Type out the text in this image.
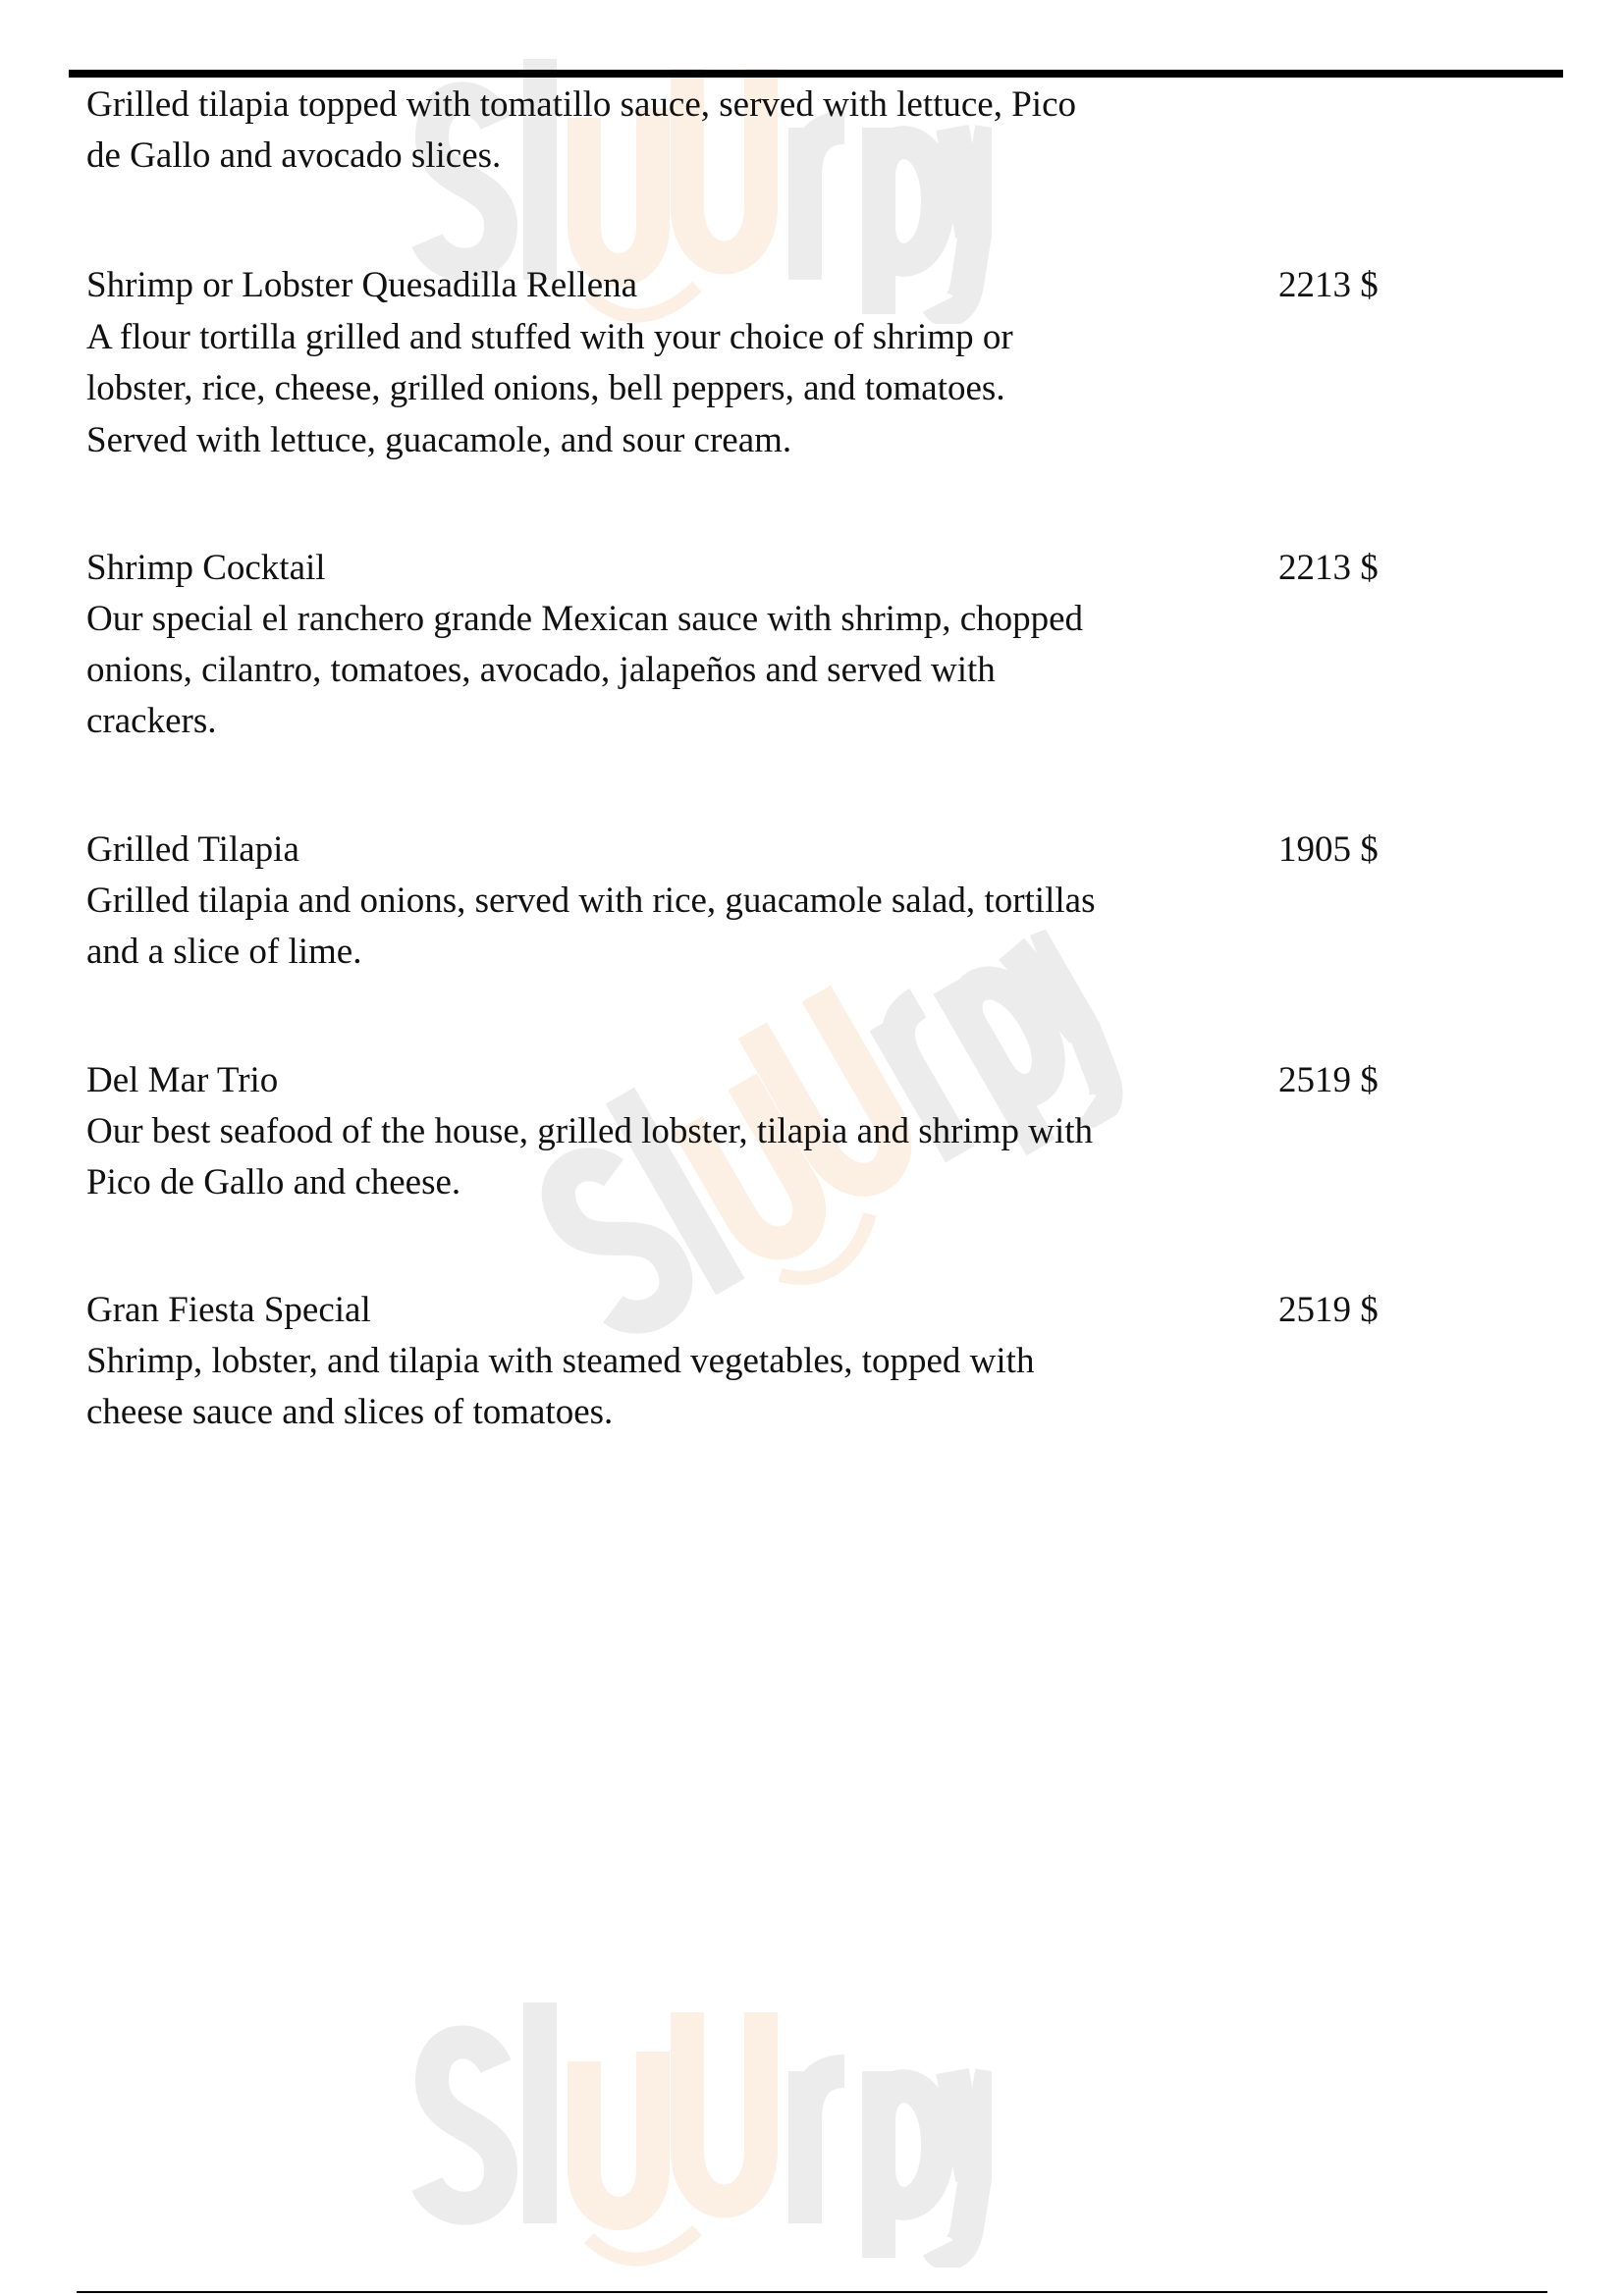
Grilled tilapia topped with tomatillo sauce, served with lettuce, Pico
de Gallo and avocado slices.
Shrimp or Lobster Quesadilla Rellena	2213 $
A flour tortilla grilled and stuffed with your choice of shrimp or
lobster, rice, cheese, grilled onions, bell peppers, and tomatoes.
Served with lettuce, guacamole, and sour cream.
Shrimp Cocktail	2213 $
Our special el ranchero grande Mexican sauce with shrimp, chopped
onions, cilantro, tomatoes, avocado, jalapeños and served with
crackers.
Grilled Tilapia	1905 $
Grilled tilapia and onions, served with rice, guacamole salad, tortillas
and a slice of lime.
Del Mar Trio	2519 $
Our best seafood of the house, grilled lobster, tilapia and shrimp with
Pico de Gallo and cheese.
Gran Fiesta Special	2519 $
Shrimp, lobster, and tilapia with steamed vegetables, topped with
cheese sauce and slices of tomatoes.
